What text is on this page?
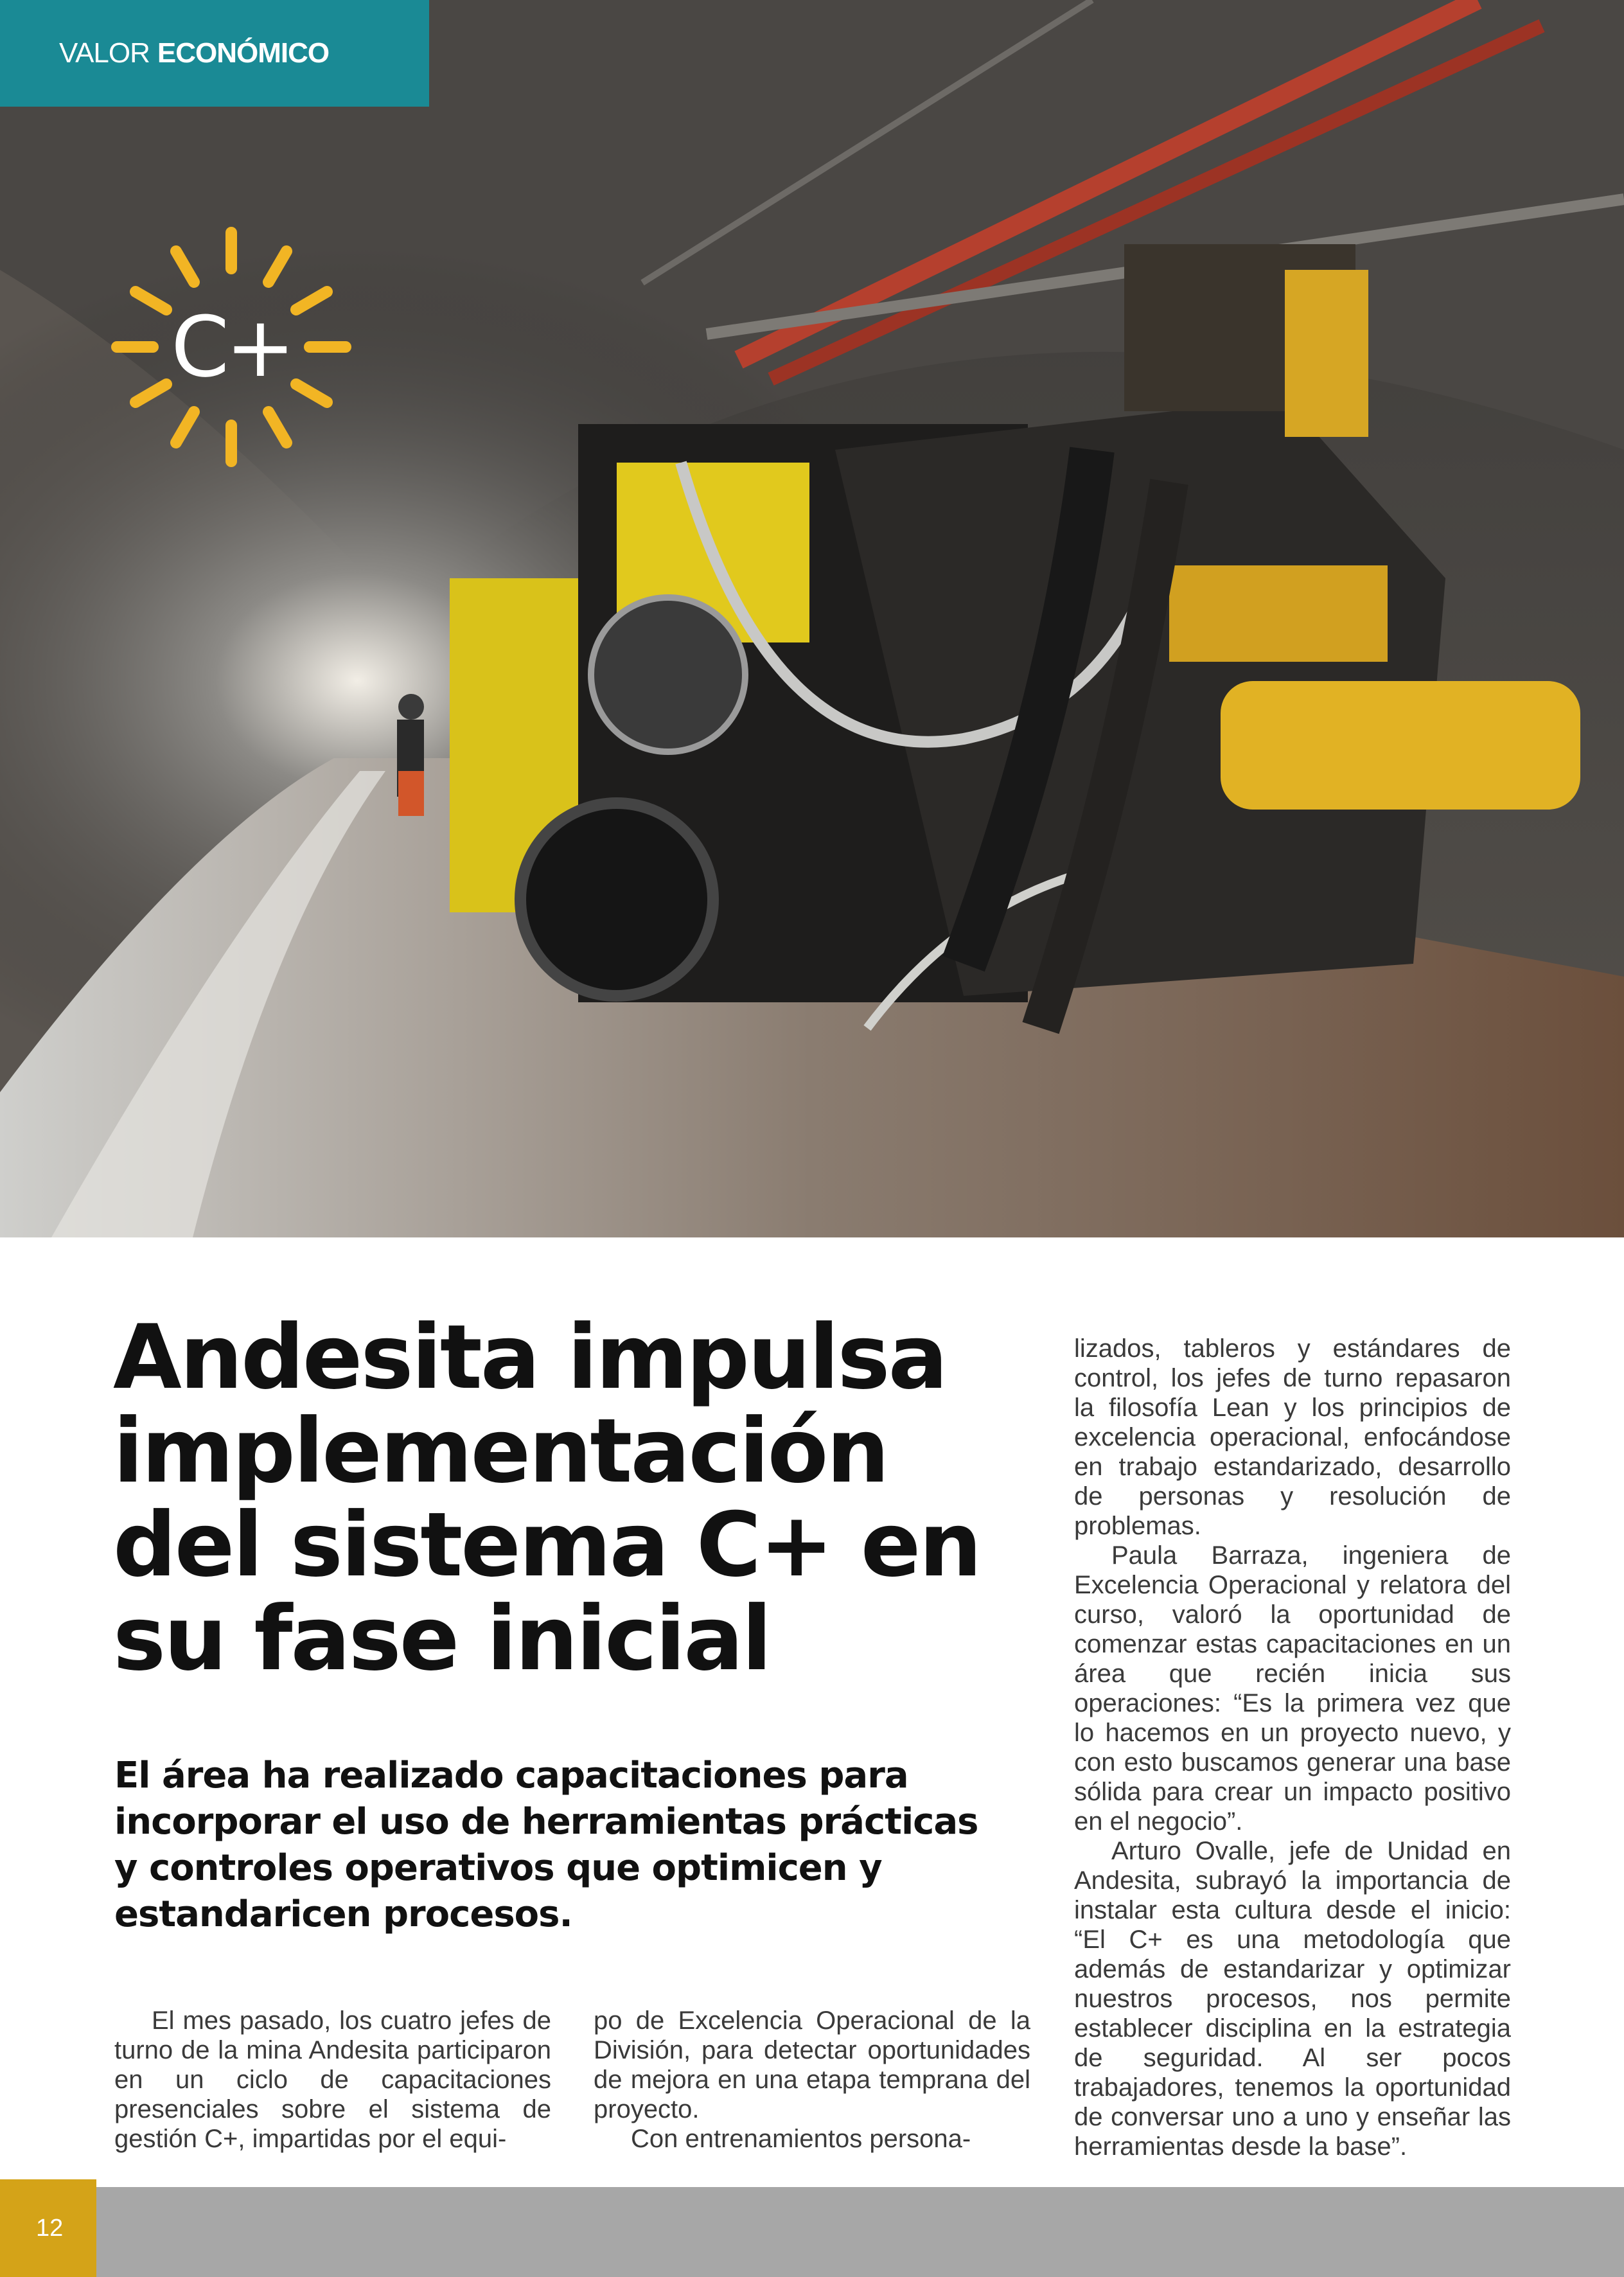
VALOR ECONÓMICO
C+
Andesita impulsa implementación del sistema C+ en su fase inicial
El área ha realizado capacitaciones para incorporar el uso de herramientas prácticas y controles operativos que optimicen y estandaricen procesos.

El mes pasado, los cuatro jefes de turno de la mina Andesita participaron en un ciclo de capacitaciones presenciales sobre el sistema de gestión C+, impartidas por el equi-

po de Excelencia Operacional de la División, para detectar oportunidades de mejora en una etapa temprana del proyecto.

Con entrenamientos persona-

lizados, tableros y estándares de control, los jefes de turno repasaron la filosofía Lean y los principios de excelencia operacional, enfocándose en trabajo estandarizado, desarrollo de personas y resolución de problemas.

Paula Barraza, ingeniera de Excelencia Operacional y relatora del curso, valoró la oportunidad de comenzar estas capacitaciones en un área que recién inicia sus operaciones: “Es la primera vez que lo hacemos en un proyecto nuevo, y con esto buscamos generar una base sólida para crear un impacto positivo en el negocio”.

Arturo Ovalle, jefe de Unidad en Andesita, subrayó la importancia de instalar esta cultura desde el inicio: “El C+ es una metodología que además de estandarizar y optimizar nuestros procesos, nos permite establecer disciplina en la estrategia de seguridad. Al ser pocos trabajadores, tenemos la oportunidad de conversar uno a uno y enseñar las herramientas desde la base”.

12
